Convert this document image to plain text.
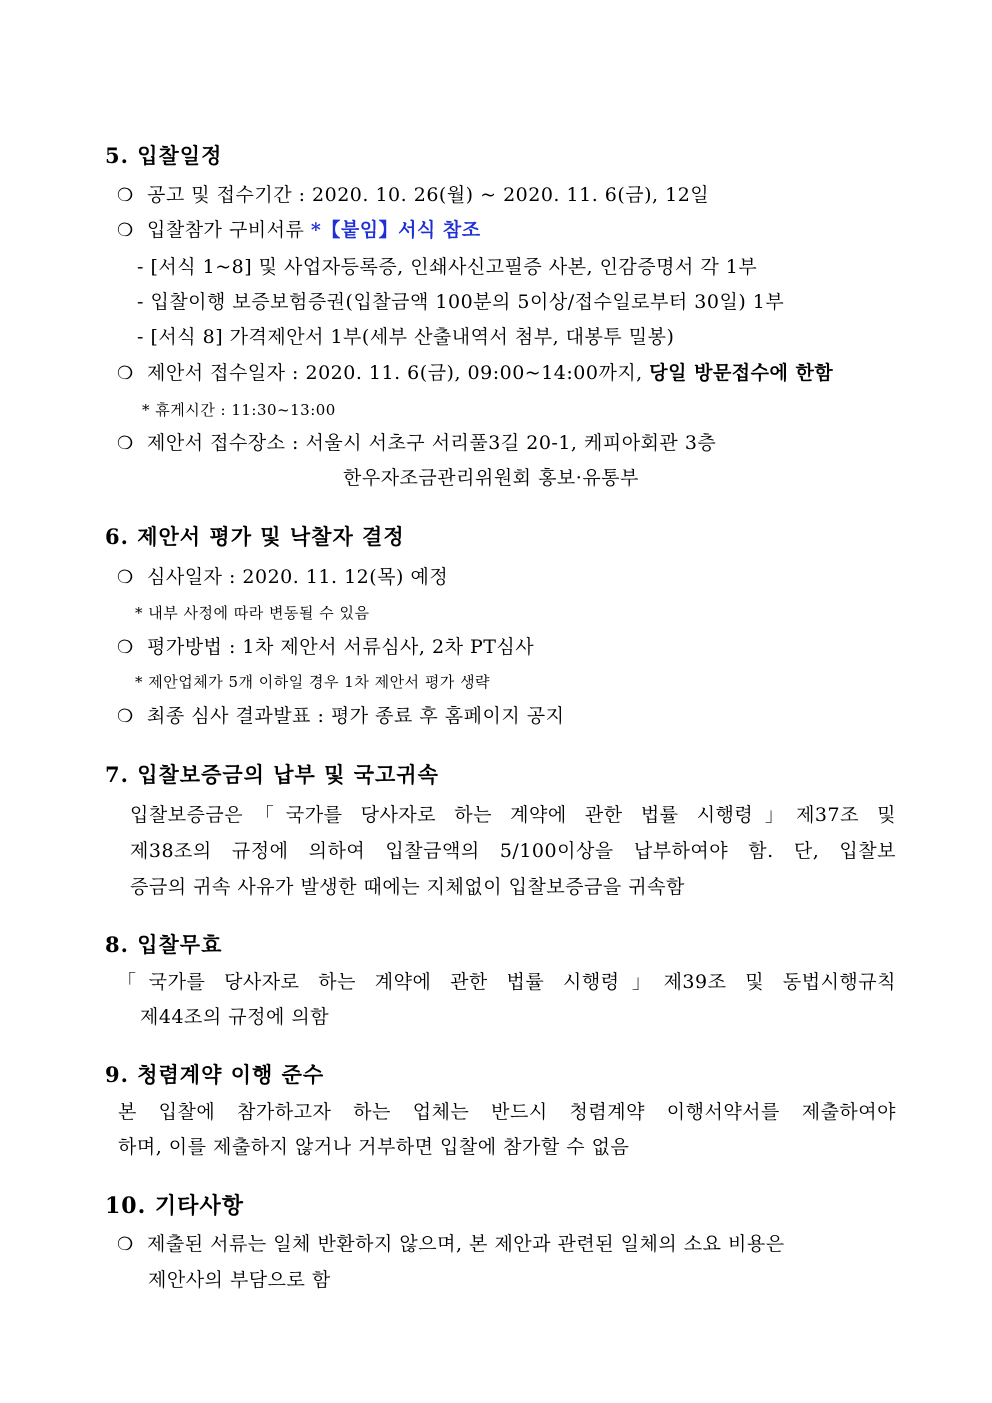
5. 입찰일정
❍ 공고 및 접수기간 : 2020. 10. 26(월) ~ 2020. 11. 6(금), 12일
❍ 입찰참가 구비서류 *【붙임】서식 참조
- [서식 1~8] 및 사업자등록증, 인쇄사신고필증 사본, 인감증명서 각 1부
- 입찰이행 보증보험증권(입찰금액 100분의 5이상/접수일로부터 30일) 1부
- [서식 8] 가격제안서 1부(세부 산출내역서 첨부, 대봉투 밀봉)
❍ 제안서 접수일자 : 2020. 11. 6(금), 09:00~14:00까지, 당일 방문접수에 한함
* 휴게시간 : 11:30~13:00
❍ 제안서 접수장소 : 서울시 서초구 서리풀3길 20-1, 케피아회관 3층
한우자조금관리위원회 홍보·유통부
6. 제안서 평가 및 낙찰자 결정
❍ 심사일자 : 2020. 11. 12(목) 예정
* 내부 사정에 따라 변동될 수 있음
❍ 평가방법 : 1차 제안서 서류심사, 2차 PT심사
* 제안업체가 5개 이하일 경우 1차 제안서 평가 생략
❍ 최종 심사 결과발표 : 평가 종료 후 홈페이지 공지
7. 입찰보증금의 납부 및 국고귀속
입찰보증금은「국가를 당사자로 하는 계약에 관한 법률 시행령」제37조 및
제38조의 규정에 의하여 입찰금액의 5/100이상을 납부하여야 함. 단, 입찰보
증금의 귀속 사유가 발생한 때에는 지체없이 입찰보증금을 귀속함
8. 입찰무효
「국가를 당사자로 하는 계약에 관한 법률 시행령」제39조 및 동법시행규칙
제44조의 규정에 의함
9. 청렴계약 이행 준수
본 입찰에 참가하고자 하는 업체는 반드시 청렴계약 이행서약서를 제출하여야
하며, 이를 제출하지 않거나 거부하면 입찰에 참가할 수 없음
10. 기타사항
❍ 제출된 서류는 일체 반환하지 않으며, 본 제안과 관련된 일체의 소요 비용은
제안사의 부담으로 함
